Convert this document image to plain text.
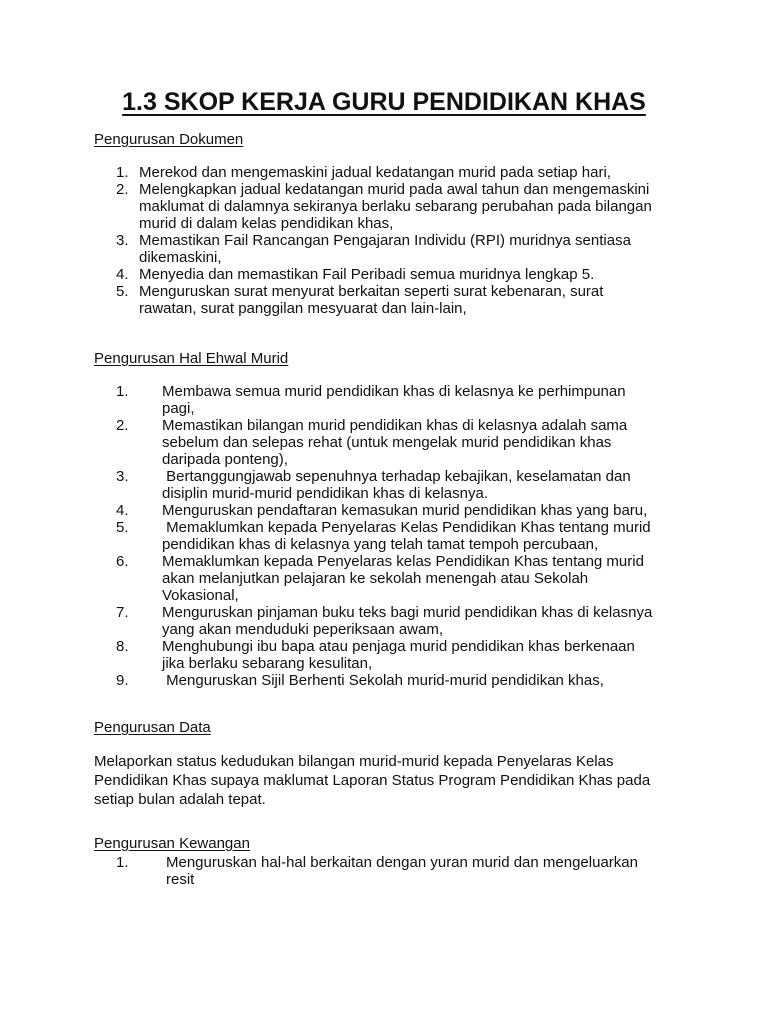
1.3 SKOP KERJA GURU PENDIDIKAN KHAS
Pengurusan Dokumen
1. Merekod dan mengemaskini jadual kedatangan murid pada setiap hari,
2. Melengkapkan jadual kedatangan murid pada awal tahun dan mengemaskini
maklumat di dalamnya sekiranya berlaku sebarang perubahan pada bilangan
murid di dalam kelas pendidikan khas,
3. Memastikan Fail Rancangan Pengajaran Individu (RPI) muridnya sentiasa
dikemaskini,
4. Menyedia dan memastikan Fail Peribadi semua muridnya lengkap 5.
5. Menguruskan surat menyurat berkaitan seperti surat kebenaran, surat
rawatan, surat panggilan mesyuarat dan lain-lain,
Pengurusan Hal Ehwal Murid
1. Membawa semua murid pendidikan khas di kelasnya ke perhimpunan
pagi,
2. Memastikan bilangan murid pendidikan khas di kelasnya adalah sama
sebelum dan selepas rehat (untuk mengelak murid pendidikan khas
daripada ponteng),
3. Bertanggungjawab sepenuhnya terhadap kebajikan, keselamatan dan
disiplin murid-murid pendidikan khas di kelasnya.
4. Menguruskan pendaftaran kemasukan murid pendidikan khas yang baru,
5. Memaklumkan kepada Penyelaras Kelas Pendidikan Khas tentang murid
pendidikan khas di kelasnya yang telah tamat tempoh percubaan,
6. Memaklumkan kepada Penyelaras kelas Pendidikan Khas tentang murid
akan melanjutkan pelajaran ke sekolah menengah atau Sekolah
Vokasional,
7. Menguruskan pinjaman buku teks bagi murid pendidikan khas di kelasnya
yang akan menduduki peperiksaan awam,
8. Menghubungi ibu bapa atau penjaga murid pendidikan khas berkenaan
jika berlaku sebarang kesulitan,
9. Menguruskan Sijil Berhenti Sekolah murid-murid pendidikan khas,
Pengurusan Data
Melaporkan status kedudukan bilangan murid-murid kepada Penyelaras Kelas
Pendidikan Khas supaya maklumat Laporan Status Program Pendidikan Khas pada
setiap bulan adalah tepat.
Pengurusan Kewangan
1. Menguruskan hal-hal berkaitan dengan yuran murid dan mengeluarkan
resit
